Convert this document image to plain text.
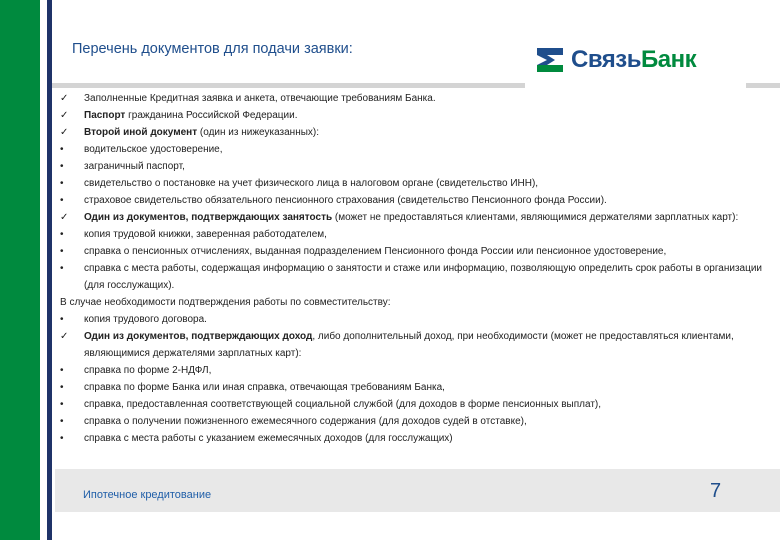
Перечень документов для подачи заявки:	СвязьБанк
✓	Заполненные Кредитная заявка и анкета, отвечающие требованиям Банка.
✓	Паспорт гражданина Российской Федерации.
✓	Второй иной документ (один из нижеуказанных):
•	водительское удостоверение,
•	заграничный паспорт,
•	свидетельство о постановке на учет физического лица в налоговом органе (свидетельство ИНН),
•	страховое свидетельство обязательного пенсионного страхования (свидетельство Пенсионного фонда России).
✓	Один из документов, подтверждающих занятость (может не предоставляться клиентами, являющимися держателями зарплатных карт):
•	копия трудовой книжки, заверенная работодателем,
•	справка о пенсионных отчислениях, выданная подразделением Пенсионного фонда России или пенсионное удостоверение,
•	справка с места работы, содержащая информацию о занятости и стаже или информацию, позволяющую определить срок работы в организации (для госслужащих).
В случае необходимости подтверждения работы по совместительству:
•	копия трудового договора.
✓	Один из документов, подтверждающих доход, либо дополнительный доход, при необходимости (может не предоставляться клиентами, являющимися держателями зарплатных карт):
•	справка по форме 2-НДФЛ,
•	справка по форме Банка или иная справка, отвечающая требованиям Банка,
•	справка, предоставленная соответствующей социальной службой (для доходов в форме пенсионных выплат),
•	справка о получении пожизненного ежемесячного содержания (для доходов судей в отставке),
•	справка с места работы с указанием ежемесячных доходов (для госслужащих)
Ипотечное кредитование	7
